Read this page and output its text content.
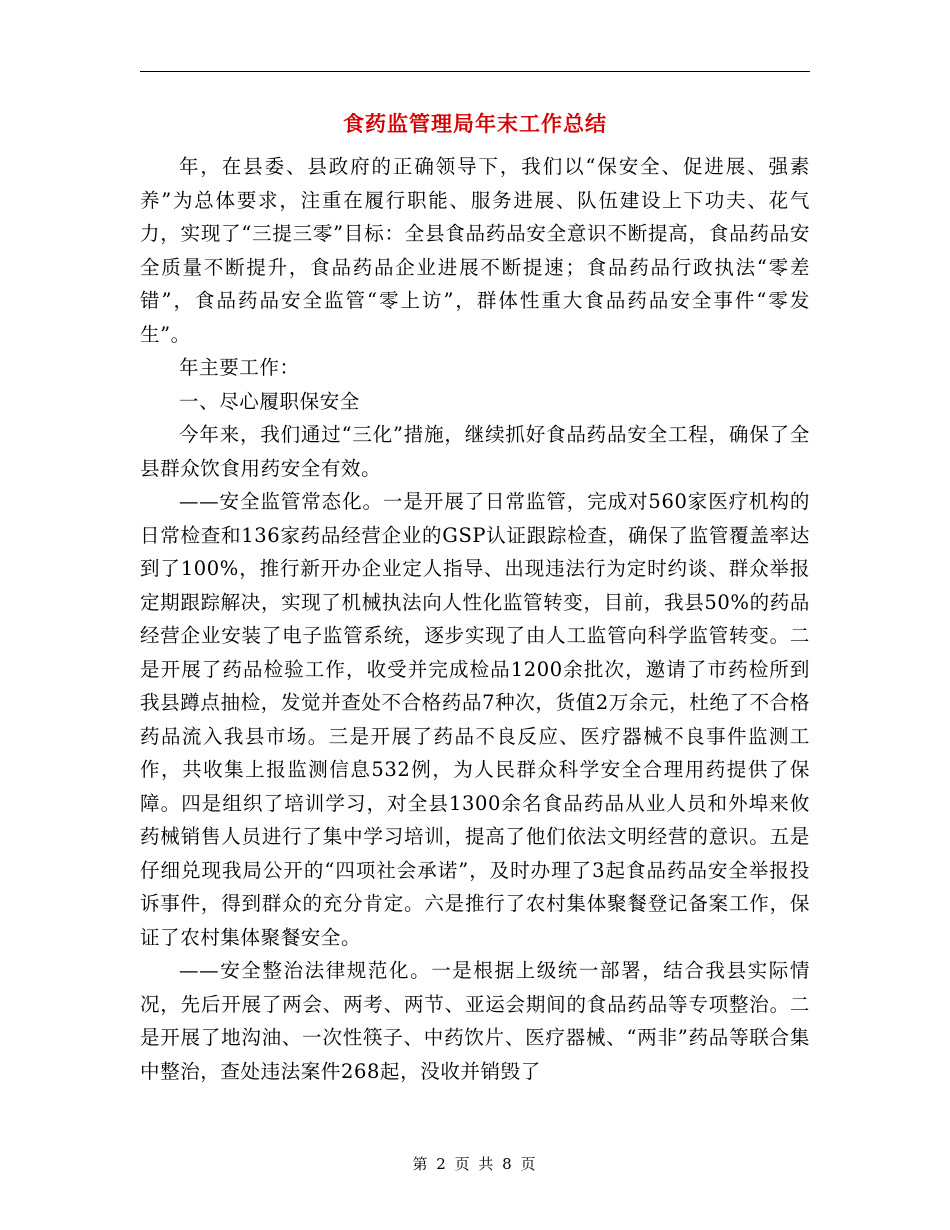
食药监管理局年末工作总结

年，在县委、县政府的正确领导下，我们以“保安全、促进展、强素养”为总体要求，注重在履行职能、服务进展、队伍建设上下功夫、花气力，实现了“三提三零”目标：全县食品药品安全意识不断提高，食品药品安全质量不断提升，食品药品企业进展不断提速；食品药品行政执法“零差错”，食品药品安全监管“零上访”，群体性重大食品药品安全事件“零发生”。

年主要工作：

一、尽心履职保安全

今年来，我们通过“三化”措施，继续抓好食品药品安全工程，确保了全县群众饮食用药安全有效。

——安全监管常态化。一是开展了日常监管，完成对560家医疗机构的日常检查和136家药品经营企业的GSP认证跟踪检查，确保了监管覆盖率达到了100%，推行新开办企业定人指导、出现违法行为定时约谈、群众举报定期跟踪解决，实现了机械执法向人性化监管转变，目前，我县50%的药品经营企业安装了电子监管系统，逐步实现了由人工监管向科学监管转变。二是开展了药品检验工作，收受并完成检品1200余批次，邀请了市药检所到我县蹲点抽检，发觉并查处不合格药品7种次，货值2万余元，杜绝了不合格药品流入我县市场。三是开展了药品不良反应、医疗器械不良事件监测工作，共收集上报监测信息532例，为人民群众科学安全合理用药提供了保障。四是组织了培训学习，对全县1300余名食品药品从业人员和外埠来攸药械销售人员进行了集中学习培训，提高了他们依法文明经营的意识。五是仔细兑现我局公开的“四项社会承诺”，及时办理了3起食品药品安全举报投诉事件，得到群众的充分肯定。六是推行了农村集体聚餐登记备案工作，保证了农村集体聚餐安全。

——安全整治法律规范化。一是根据上级统一部署，结合我县实际情况，先后开展了两会、两考、两节、亚运会期间的食品药品等专项整治。二是开展了地沟油、一次性筷子、中药饮片、医疗器械、“两非”药品等联合集中整治，查处违法案件268起，没收并销毁了

第 2 页 共 8 页
